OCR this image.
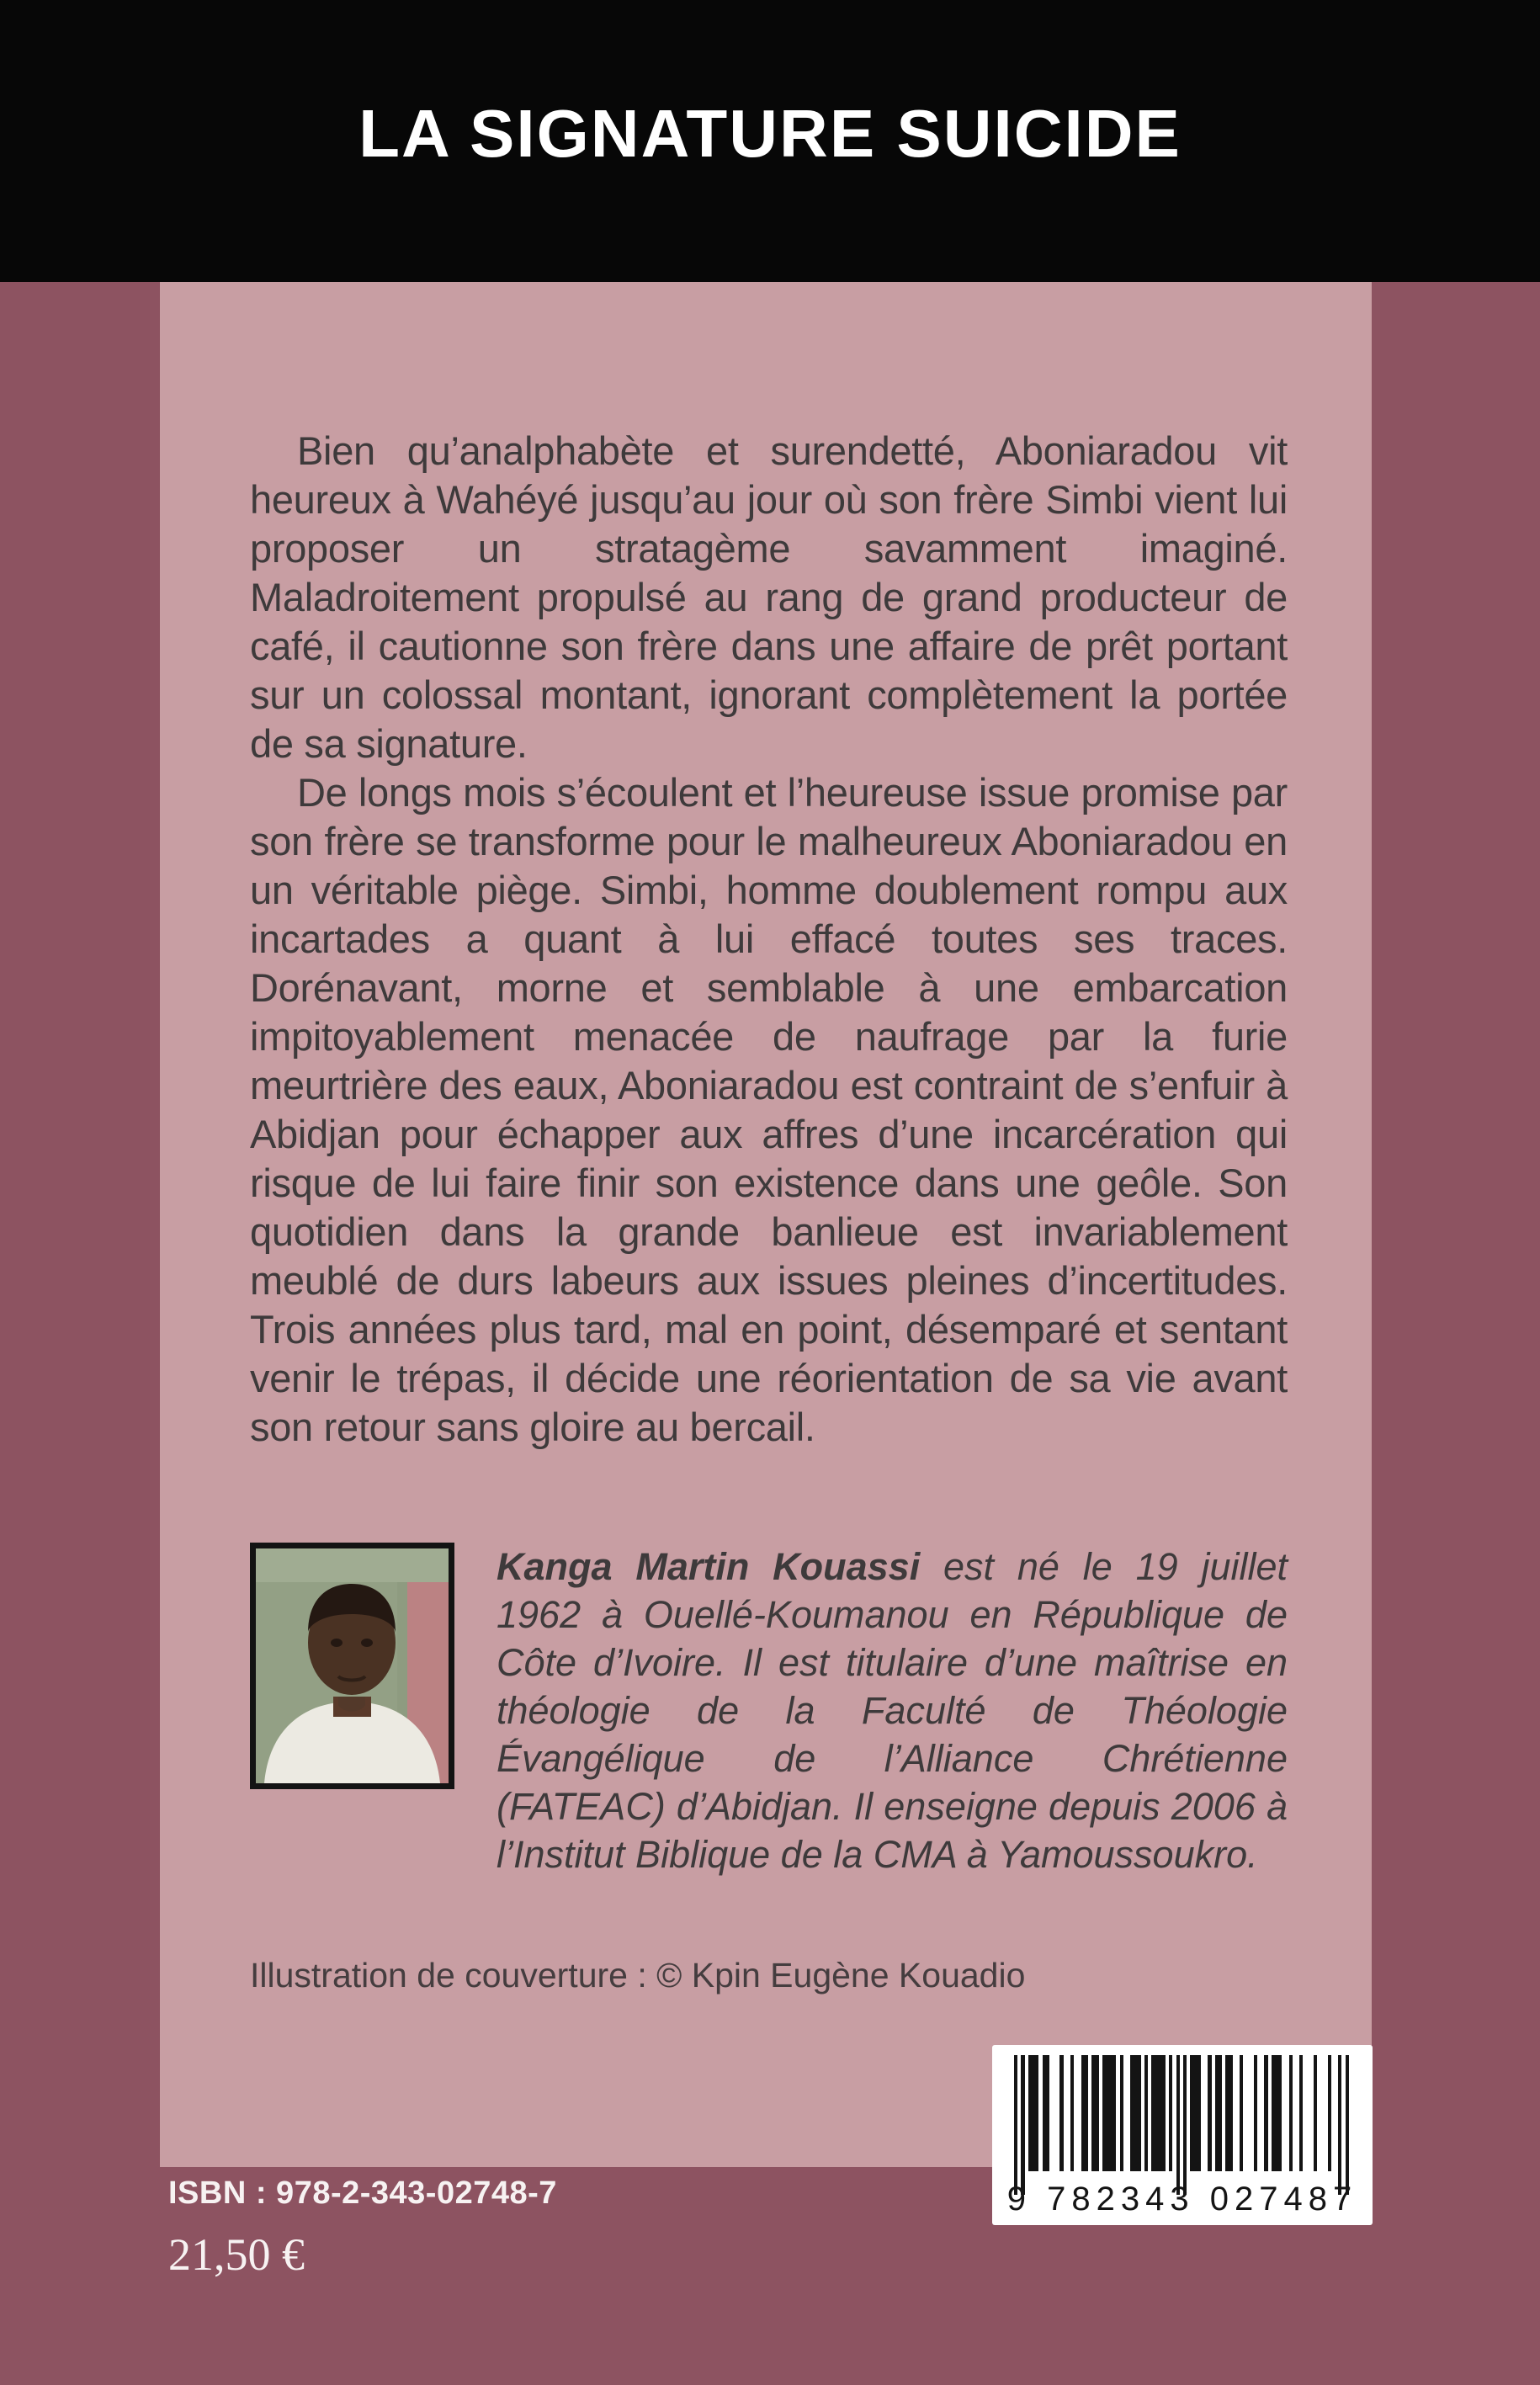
LA SIGNATURE SUICIDE

Bien qu’analphabète et surendetté, Aboniaradou vit heureux à Wahéyé jusqu’au jour où son frère Simbi vient lui proposer un stratagème savamment imaginé. Maladroitement propulsé au rang de grand producteur de café, il cautionne son frère dans une affaire de prêt portant sur un colossal montant, ignorant complètement la portée de sa signature.

De longs mois s’écoulent et l’heureuse issue promise par son frère se transforme pour le malheureux Aboniaradou en un véritable piège. Simbi, homme doublement rompu aux incartades a quant à lui effacé toutes ses traces. Dorénavant, morne et semblable à une embarcation impitoyablement menacée de naufrage par la furie meurtrière des eaux, Aboniaradou est contraint de s’enfuir à Abidjan pour échapper aux affres d’une incarcération qui risque de lui faire finir son existence dans une geôle. Son quotidien dans la grande banlieue est invariablement meublé de durs labeurs aux issues pleines d’incertitudes. Trois années plus tard, mal en point, désemparé et sentant venir le trépas, il décide une réorientation de sa vie avant son retour sans gloire au bercail.

Kanga Martin Kouassi est né le 19 juillet 1962 à Ouellé-Koumanou en République de Côte d’Ivoire. Il est titulaire d’une maîtrise en théologie de la Faculté de Théologie Évangélique de l’Alliance Chrétienne (FATEAC) d’Abidjan. Il enseigne depuis 2006 à l’Institut Biblique de la CMA à Yamoussoukro.
Illustration de couverture : © Kpin Eugène Kouadio
9 782343 027487
ISBN : 978-2-343-02748-7
21,50 €
